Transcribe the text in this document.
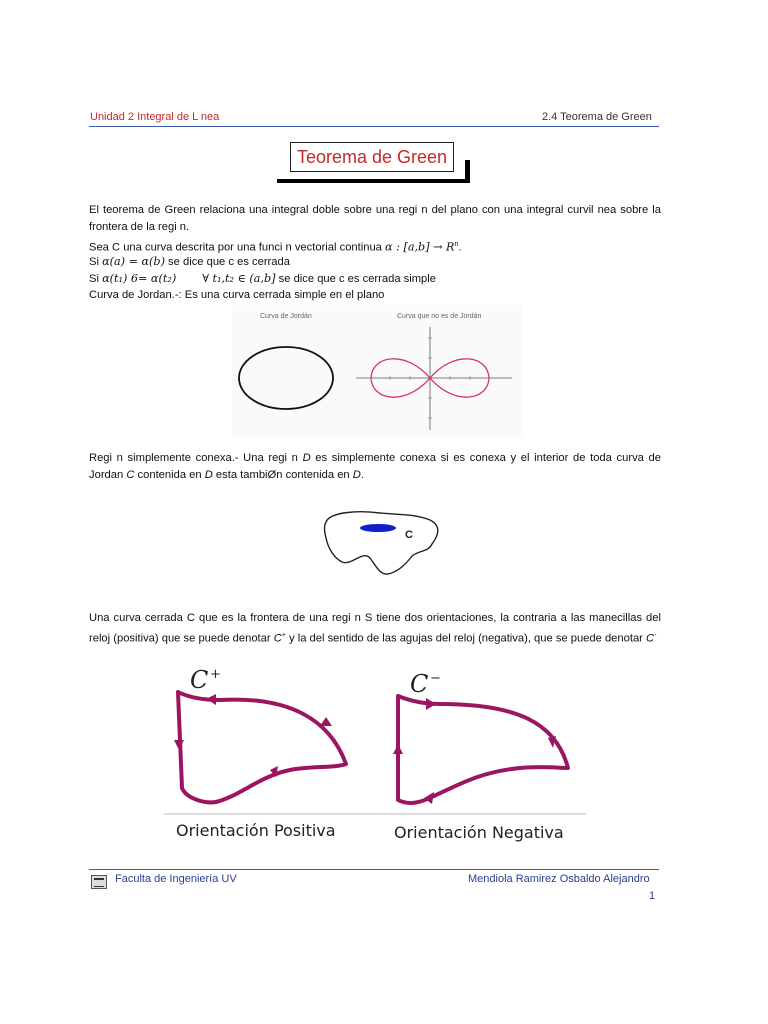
Unidad 2 Integral de L nea	2.4 Teorema de Green
Teorema de Green
El teorema de Green relaciona una integral doble sobre una regi n del plano con una integral curvil nea sobre la frontera de la regi n.
Sea C una curva descrita por una funci n vectorial continua α : $[a,b] \to R^n$.
Si α(a) = α(b) se dice que c es cerrada
Si α(t₁) 6= α(t₂) ∀ t₁,t₂ ∈ (a,b] se dice que c es cerrada simple
Curva de Jordan.-: Es una curva cerrada simple en el plano
Curva de Jordán	Curva que no es de Jordán
Regi n simplemente conexa.- Una regi n D es simplemente conexa si es conexa y el interior de toda curva de Jordan C contenida en D esta tambiØn contenida en D.
C
Una curva cerrada C que es la frontera de una regi n S tiene dos orientaciones, la contraria a las manecillas del reloj (positiva) que se puede denotar C+ y la del sentido de las agujas del reloj (negativa), que se puede denotar C-
C +	C −
Orientación Positiva	Orientación Negativa
Faculta de Ingeniería UV	Mendiola Ramirez Osbaldo Alejandro
1
